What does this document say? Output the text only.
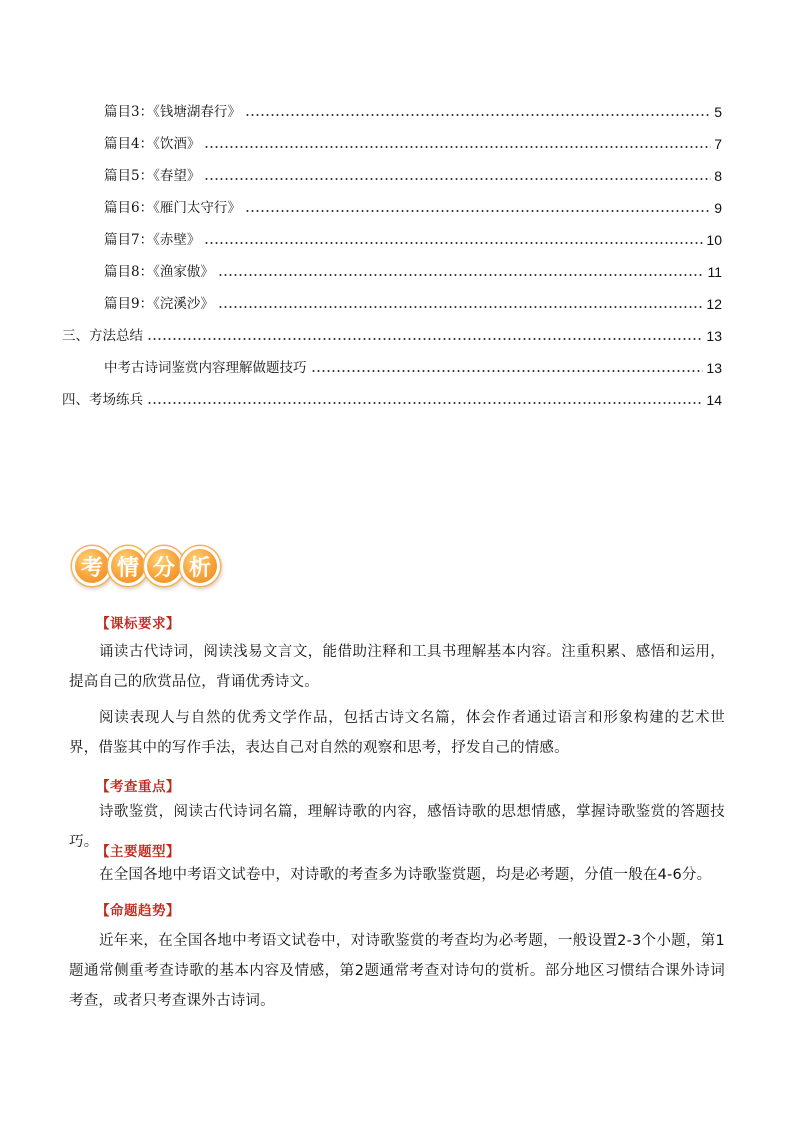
篇目3：《钱塘湖春行》	5
篇目4：《饮酒》	7
篇目5：《春望》	8
篇目6：《雁门太守行》	9
篇目7：《赤壁》	10
篇目8：《渔家傲》	11
篇目9：《浣溪沙》	12
三、方法总结	13
中考古诗词鉴赏内容理解做题技巧	13
四、考场练兵	14
考 情 分 析
【课标要求】

诵读古代诗词，阅读浅易文言文，能借助注释和工具书理解基本内容。注重积累、感悟和运用，提高自己的欣赏品位，背诵优秀诗文。

阅读表现人与自然的优秀文学作品，包括古诗文名篇，体会作者通过语言和形象构建的艺术世界，借鉴其中的写作手法，表达自己对自然的观察和思考，抒发自己的情感。

【考查重点】

诗歌鉴赏，阅读古代诗词名篇，理解诗歌的内容，感悟诗歌的思想情感，掌握诗歌鉴赏的答题技巧。

【主要题型】

在全国各地中考语文试卷中，对诗歌的考查多为诗歌鉴赏题，均是必考题，分值一般在4-6分。

【命题趋势】

近年来，在全国各地中考语文试卷中，对诗歌鉴赏的考查均为必考题，一般设置2-3个小题，第1题通常侧重考查诗歌的基本内容及情感，第2题通常考查对诗句的赏析。部分地区习惯结合课外诗词考查，或者只考查课外古诗词。
